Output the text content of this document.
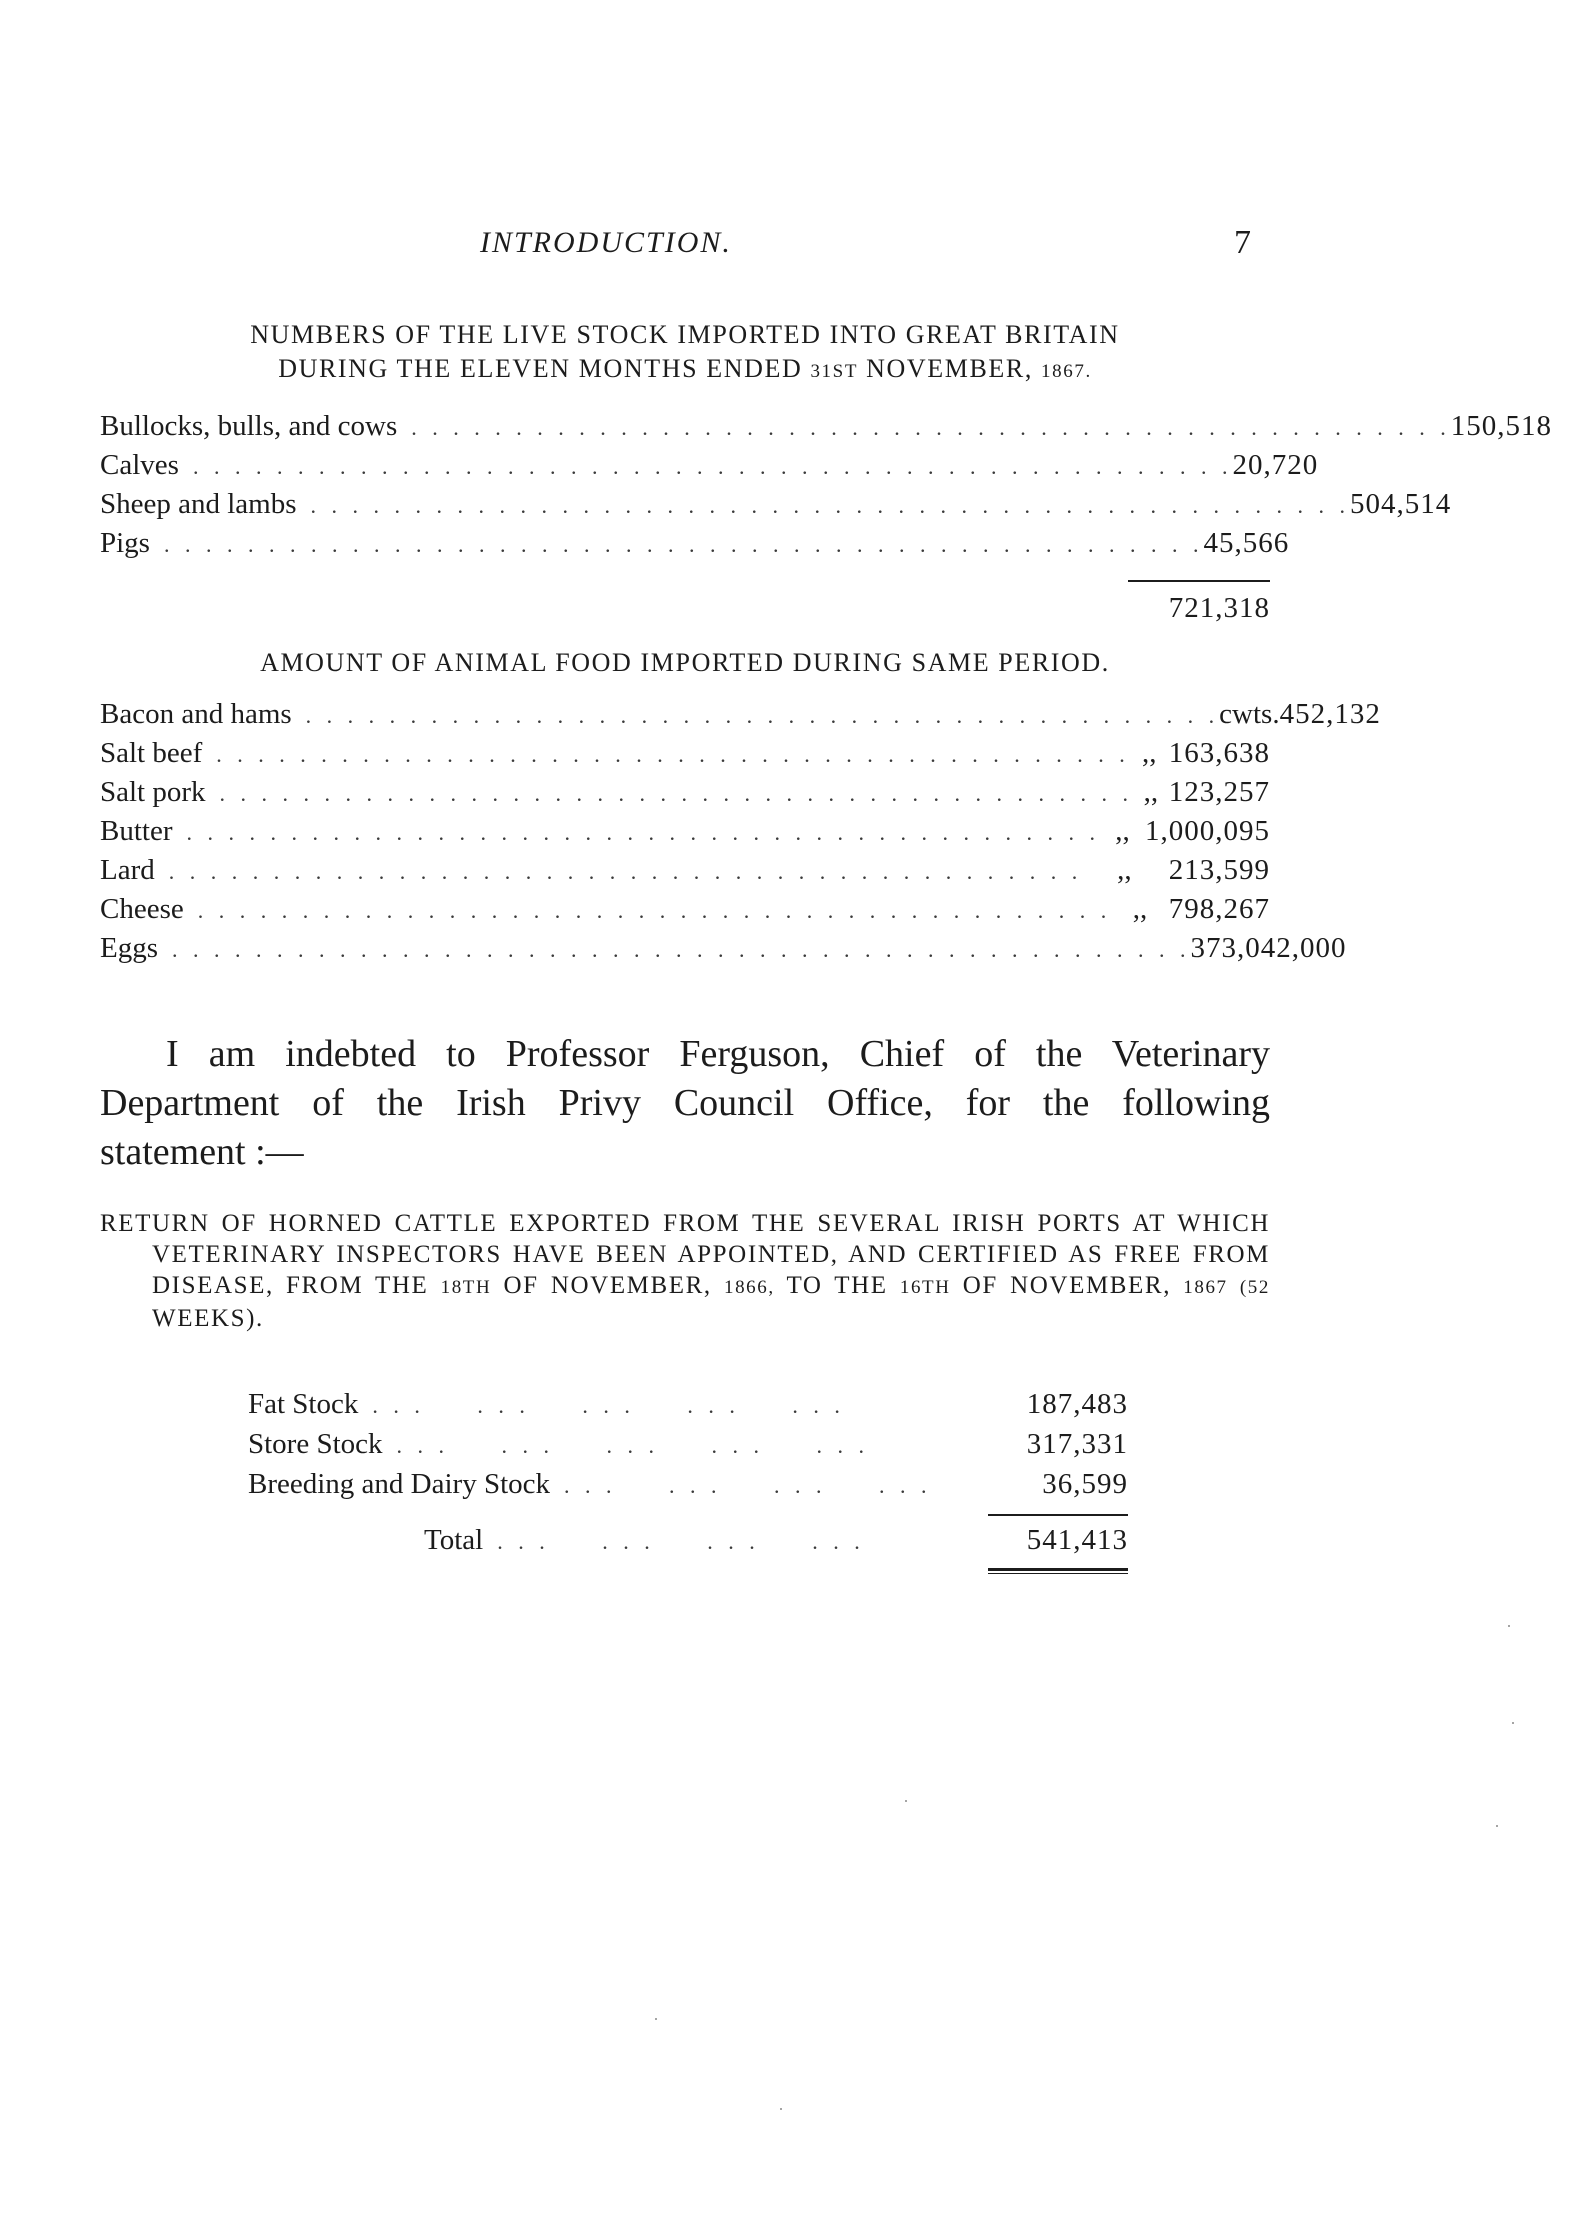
INTRODUCTION.	7
NUMBERS OF THE LIVE STOCK IMPORTED INTO GREAT BRITAIN
DURING THE ELEVEN MONTHS ENDED 31ST NOVEMBER, 1867.
Bullocks, bulls, and cows . . . . . . . . . . . . . . . . . . . . . . . . . . . . . . . . . . . . . . . . . . . . . . . . . . 150,518
Calves . . . . . . . . . . . . . . . . . . . . . . . . . . . . . . . . . . . . . . . . . . . . . . . . . . 20,720
Sheep and lambs . . . . . . . . . . . . . . . . . . . . . . . . . . . . . . . . . . . . . . . . . . . . . . . . . . 504,514
Pigs . . . . . . . . . . . . . . . . . . . . . . . . . . . . . . . . . . . . . . . . . . . . . . . . . . 45,566
721,318
AMOUNT OF ANIMAL FOOD IMPORTED DURING SAME PERIOD.
Bacon and hams . . . . . . . . . . . . . . . . . . . . . . . . . . . . . . . . . . . . . . . . . . . . cwts. 452,132
Salt beef . . . . . . . . . . . . . . . . . . . . . . . . . . . . . . . . . . . . . . . . . . . . ,, 163,638
Salt pork . . . . . . . . . . . . . . . . . . . . . . . . . . . . . . . . . . . . . . . . . . . . ,, 123,257
Butter . . . . . . . . . . . . . . . . . . . . . . . . . . . . . . . . . . . . . . . . . . . . ,, 1,000,095
Lard . . . . . . . . . . . . . . . . . . . . . . . . . . . . . . . . . . . . . . . . . . . .	,,	213,599
Cheese . . . . . . . . . . . . . . . . . . . . . . . . . . . . . . . . . . . . . . . . . . . . ,, 798,267
Eggs . . . . . . . . . . . . . . . . . . . . . . . . . . . . . . . . . . . . . . . . . . . . . . . . . 373,042,000
I am indebted to Professor Ferguson, Chief of the Veterinary
Department of the Irish Privy Council Office, for the following
statement :—
RETURN OF HORNED CATTLE EXPORTED FROM THE SEVERAL IRISH PORTS AT WHICH VETERINARY INSPECTORS HAVE BEEN APPOINTED, AND CERTIFIED AS FREE FROM DISEASE, FROM THE 18TH OF NOVEMBER, 1866, TO THE 16TH OF NOVEMBER, 1867 (52 WEEKS).
Fat Stock . . .     . . .     . . .     . . .     . . .	187,483
Store Stock . . .     . . .     . . .     . . .     . . .	317,331
Breeding and Dairy Stock . . .     . . .     . . .     . . .	36,599
Total . . .     . . .     . . .     . . .	541,413
